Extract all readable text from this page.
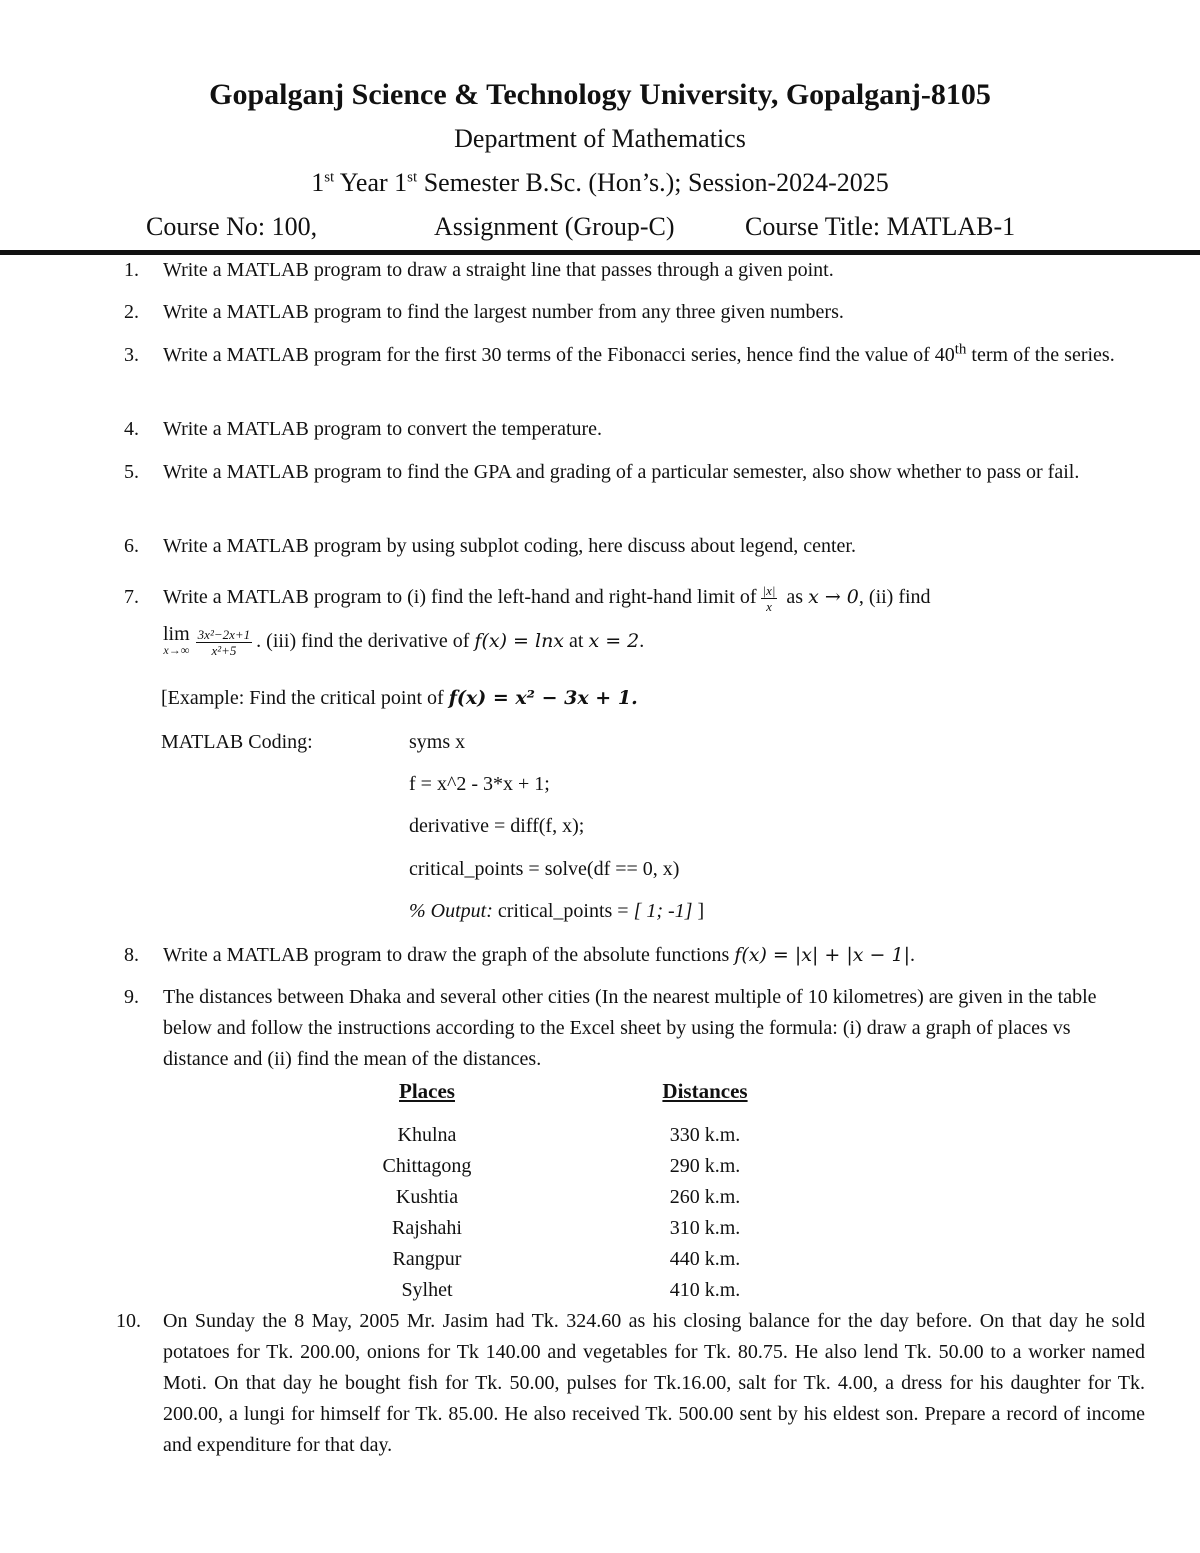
Gopalganj Science & Technology University, Gopalganj-8105
Department of Mathematics
1st Year 1st Semester B.Sc. (Hon’s.); Session-2024-2025
Course No: 100,	Assignment (Group-C)	Course Title: MATLAB-1
1.	Write a MATLAB program to draw a straight line that passes through a given point.
2.	Write a MATLAB program to find the largest number from any three given numbers.
3.	Write a MATLAB program for the first 30 terms of the Fibonacci series, hence find the value of 40th term of the series.
4.	Write a MATLAB program to convert the temperature.
5.	Write a MATLAB program to find the GPA and grading of a particular semester, also show whether to pass or fail.
6.	Write a MATLAB program by using subplot coding, here discuss about legend, center.
7.	Write a MATLAB program to (i) find the left-hand and right-hand limit of $\frac{|x|}{x}$ as x → 0, (ii) find
lim
$x\to\infty \frac{\text{3x²−2x+1}}{\text{x²+5}}$ . (iii) find the derivative of f(x) = lnx at x = 2.
[Example: Find the critical point of f(x) = x² − 3x + 1.
MATLAB Coding:	syms x
f = x^2 - 3*x + 1;
derivative = diff(f, x);
critical_points = solve(df == 0, x)
% Output: critical_points = [ 1; -1] ]
8.	Write a MATLAB program to draw the graph of the absolute functions f(x) = |x| + |x − 1|.
9.	The distances between Dhaka and several other cities (In the nearest multiple of 10 kilometres) are given in the table below and follow the instructions according to the Excel sheet by using the formula: (i) draw a graph of places vs distance and (ii) find the mean of the distances.
Places	Distances
Khulna	330 k.m.
Chittagong	290 k.m.
Kushtia	260 k.m.
Rajshahi	310 k.m.
Rangpur	440 k.m.
Sylhet	410 k.m.
10. On Sunday the 8 May, 2005 Mr. Jasim had Tk. 324.60 as his closing balance for the day before. On that day he sold potatoes for Tk. 200.00, onions for Tk 140.00 and vegetables for Tk. 80.75. He also lend Tk. 50.00 to a worker named Moti. On that day he bought fish for Tk. 50.00, pulses for Tk.16.00, salt for Tk. 4.00, a dress for his daughter for Tk. 200.00, a lungi for himself for Tk. 85.00. He also received Tk. 500.00 sent by his eldest son. Prepare a record of income and expenditure for that day.
